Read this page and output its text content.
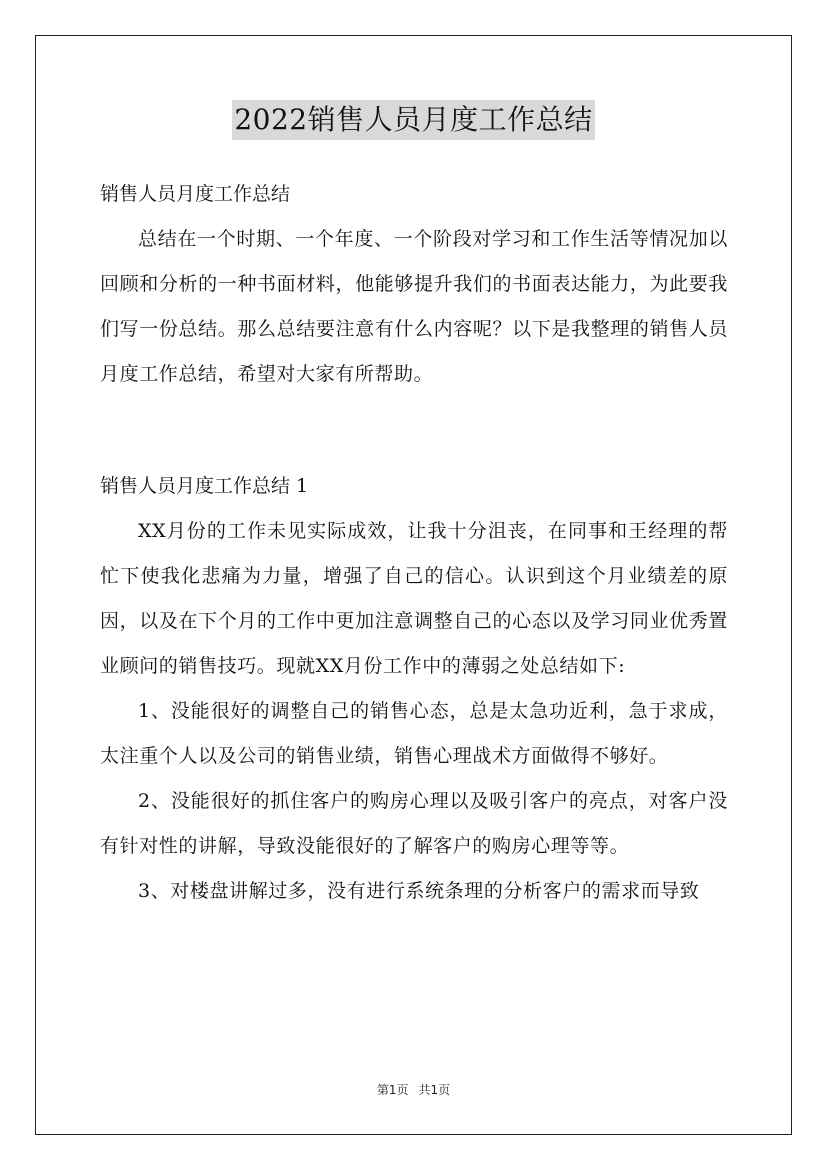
2022销售人员月度工作总结

销售人员月度工作总结

总结在一个时期、一个年度、一个阶段对学习和工作生活等情况加以回顾和分析的一种书面材料，他能够提升我们的书面表达能力，为此要我们写一份总结。那么总结要注意有什么内容呢？以下是我整理的销售人员月度工作总结，希望对大家有所帮助。

销售人员月度工作总结 1

XX月份的工作未见实际成效，让我十分沮丧，在同事和王经理的帮忙下使我化悲痛为力量，增强了自己的信心。认识到这个月业绩差的原因，以及在下个月的工作中更加注意调整自己的心态以及学习同业优秀置业顾问的销售技巧。现就XX月份工作中的薄弱之处总结如下:

1、没能很好的调整自己的销售心态，总是太急功近利，急于求成，太注重个人以及公司的销售业绩，销售心理战术方面做得不够好。

2、没能很好的抓住客户的购房心理以及吸引客户的亮点，对客户没有针对性的讲解，导致没能很好的了解客户的购房心理等等。

3、对楼盘讲解过多，没有进行系统条理的分析客户的需求而导致

第1页 共1页
